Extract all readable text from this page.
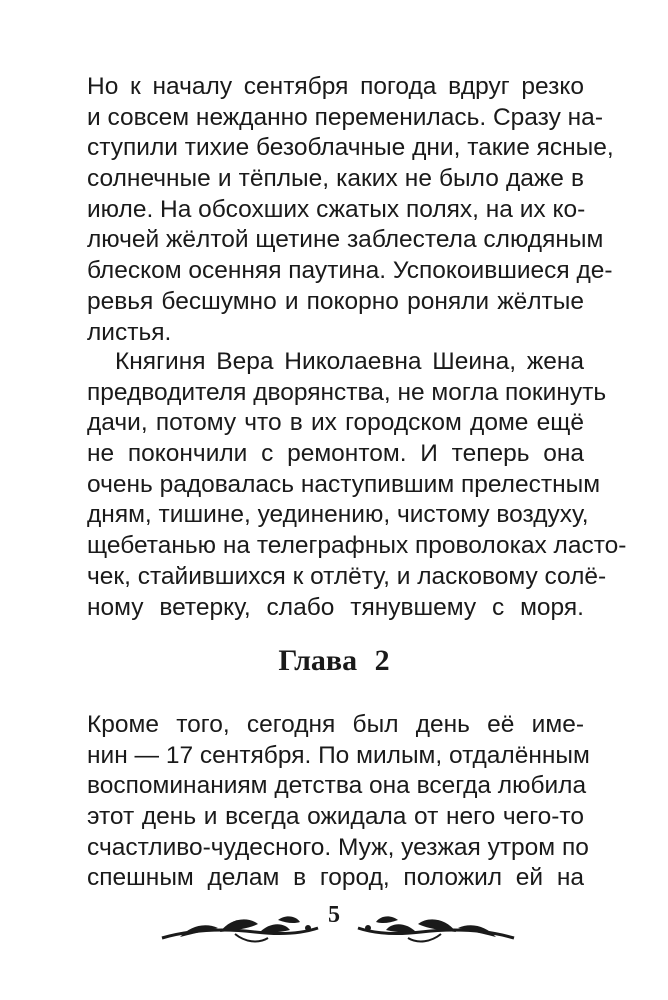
Но к началу сентября погода вдруг резко
и совсем нежданно переменилась. Сразу на-
ступили тихие безоблачные дни, такие ясные,
солнечные и тёплые, каких не было даже в
июле. На обсохших сжатых полях, на их ко-
лючей жёлтой щетине заблестела слюдяным
блеском осенняя паутина. Успокоившиеся де-
ревья бесшумно и покорно роняли жёлтые
листья.
Княгиня Вера Николаевна Шеина, жена
предводителя дворянства, не могла покинуть
дачи, потому что в их городском доме ещё
не покончили с ремонтом. И теперь она
очень радовалась наступившим прелестным
дням, тишине, уединению, чистому воздуху,
щебетанью на телеграфных проволоках ласто-
чек, стайившихся к отлёту, и ласковому солё-
ному ветерку, слабо тянувшему с моря.
Глава 2
Кроме того, сегодня был день её име-
нин — 17 сентября. По милым, отдалённым
воспоминаниям детства она всегда любила
этот день и всегда ожидала от него чего-то
счастливо-чудесного. Муж, уезжая утром по
спешным делам в город, положил ей на
5
